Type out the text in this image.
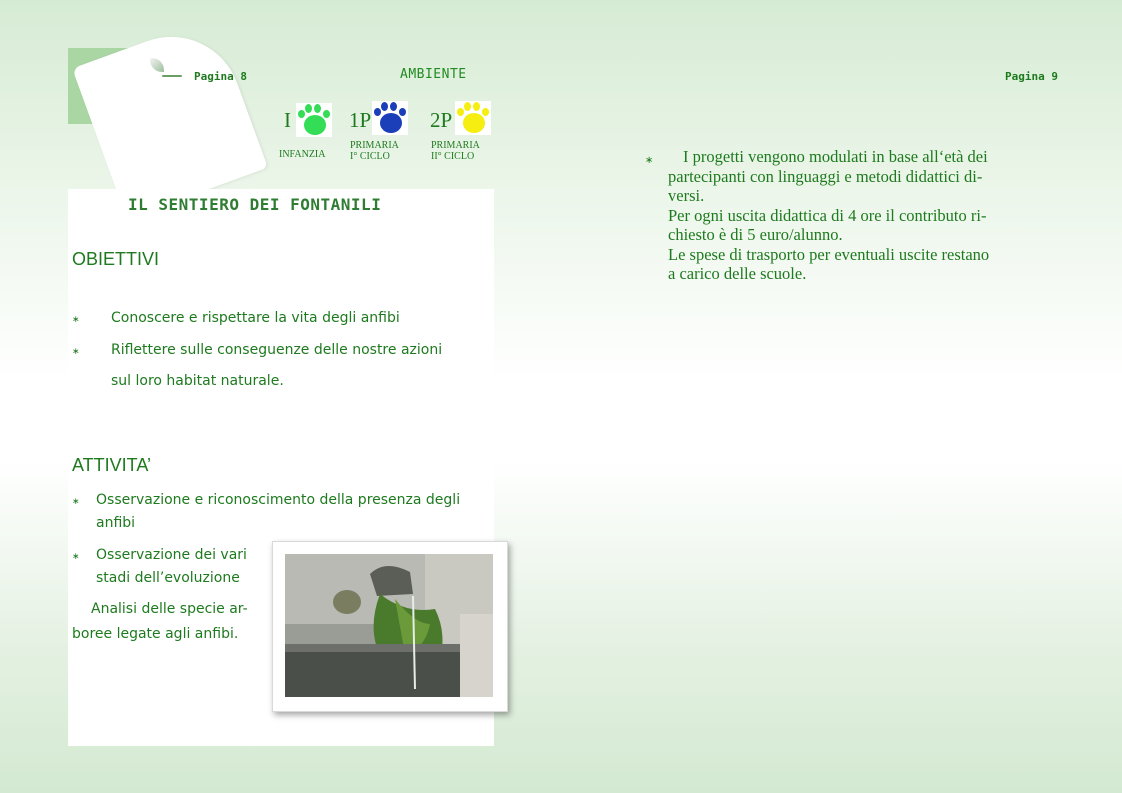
Pagina 8	AMBIENTE	Pagina 9
I
INFANZIA
1P
PRIMARIA
I° CICLO
2P
PRIMARIA
II° CICLO
IL SENTIERO DEI FONTANILI
OBIETTIVI
∗ Conoscere e rispettare la vita degli anfibi
∗ Riflettere sulle conseguenze delle nostre azioni
sul loro habitat naturale.
ATTIVITA’
∗ Osservazione e riconoscimento della presenza degli
anfibi
∗ Osservazione dei vari
stadi dell’evoluzione
Analisi delle specie ar-
boree legate agli anfibi.
∗ I progetti vengono modulati in base all‘età dei
partecipanti con linguaggi e metodi didattici di-
versi.
Per ogni uscita didattica di 4 ore il contributo ri-
chiesto è di 5 euro/alunno.
Le spese di trasporto per eventuali uscite restano
a carico delle scuole.
